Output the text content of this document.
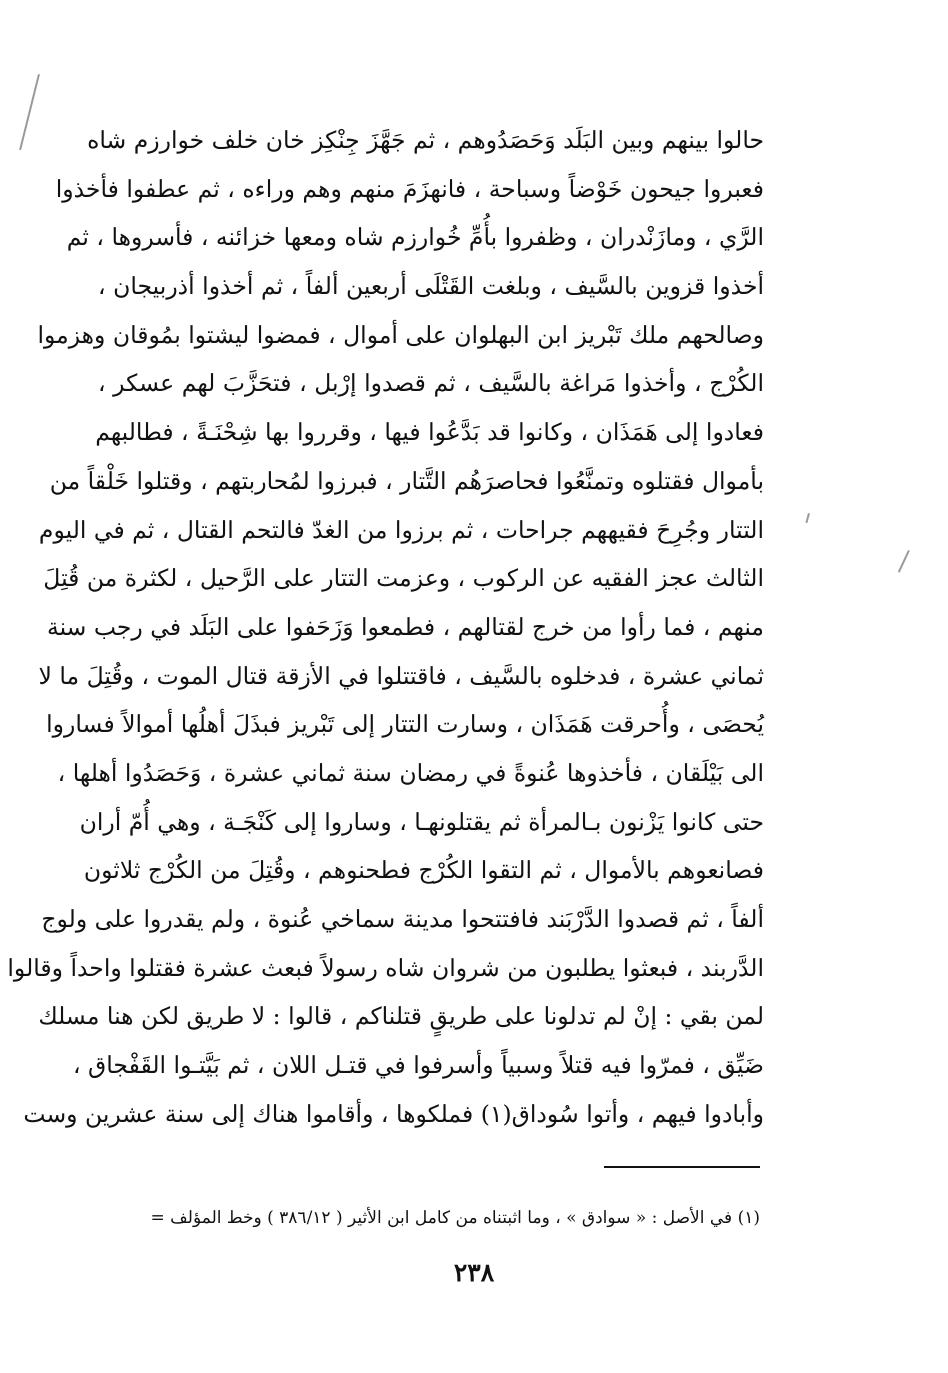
حالوا بينهم وبين البَلَد وَحَصَدُوهم ، ثم جَهَّزَ جِنْكِز خان خلف خوارزم شاه
فعبروا جيحون خَوْضاً وسباحة ، فانهزَمَ منهم وهم وراءه ، ثم عطفوا فأخذوا
الرَّي ، ومازَنْدران ، وظفروا بأُمِّ خُوارزم شاه ومعها خزائنه ، فأسروها ، ثم
أخذوا قزوين بالسَّيف ، وبلغت القَتْلَى أربعين ألفاً ، ثم أخذوا أذربيجان ،
وصالحهم ملك تَبْريز ابن البهلوان على أموال ، فمضوا ليشتوا بمُوقان وهزموا
الكُرْج ، وأخذوا مَراغة بالسَّيف ، ثم قصدوا إرْبل ، فتحَزَّبَ لهم عسكر ،
فعادوا إلى هَمَذَان ، وكانوا قد بَدَّعُوا فيها ، وقرروا بها شِحْنَـةً ، فطالبهم
بأموال فقتلوه وتمنَّعُوا فحاصرَهُم التَّتار ، فبرزوا لمُحاربتهم ، وقتلوا خَلْقاً من
التتار وجُرِحَ فقيههم جراحات ، ثم برزوا من الغدّ فالتحم القتال ، ثم في اليوم
الثالث عجز الفقيه عن الركوب ، وعزمت التتار على الرَّحيل ، لكثرة من قُتِلَ
منهم ، فما رأوا من خرج لقتالهم ، فطمعوا وَزَحَفوا على البَلَد في رجب سنة
ثماني عشرة ، فدخلوه بالسَّيف ، فاقتتلوا في الأزقة قتال الموت ، وقُتِلَ ما لا
يُحصَى ، وأُحرقت هَمَذَان ، وسارت التتار إلى تَبْريز فبذَلَ أهلُها أموالاً فساروا
الى بَيْلَقان ، فأخذوها عُنوةً في رمضان سنة ثماني عشرة ، وَحَصَدُوا أهلها ،
حتى كانوا يَزْنون بـالمرأة ثم يقتلونهـا ، وساروا إلى كَنْجَـة ، وهي أُمّ أران
فصانعوهم بالأموال ، ثم التقوا الكُرْج فطحنوهم ، وقُتِلَ من الكُرْج ثلاثون
ألفاً ، ثم قصدوا الدَّرْبَند فافتتحوا مدينة سماخي عُنوة ، ولم يقدروا على ولوج
الدَّربند ، فبعثوا يطلبون من شروان شاه رسولاً فبعث عشرة فقتلوا واحداً وقالوا
لمن بقي : إنْ لم تدلونا على طريقٍ قتلناكم ، قالوا : لا طريق لكن هنا مسلك
ضَيِّق ، فمرّوا فيه قتلاً وسبياً وأسرفوا في قتـل اللان ، ثم بَيَّتـوا القَفْجاق ،
وأبادوا فيهم ، وأتوا سُوداق(١) فملكوها ، وأقاموا هناك إلى سنة عشرين وست
(١) في الأصل : « سوادق » ، وما اثبتناه من كامل ابن الأثير ( ٣٨٦/١٢ ) وخط المؤلف =
٢٣٨
